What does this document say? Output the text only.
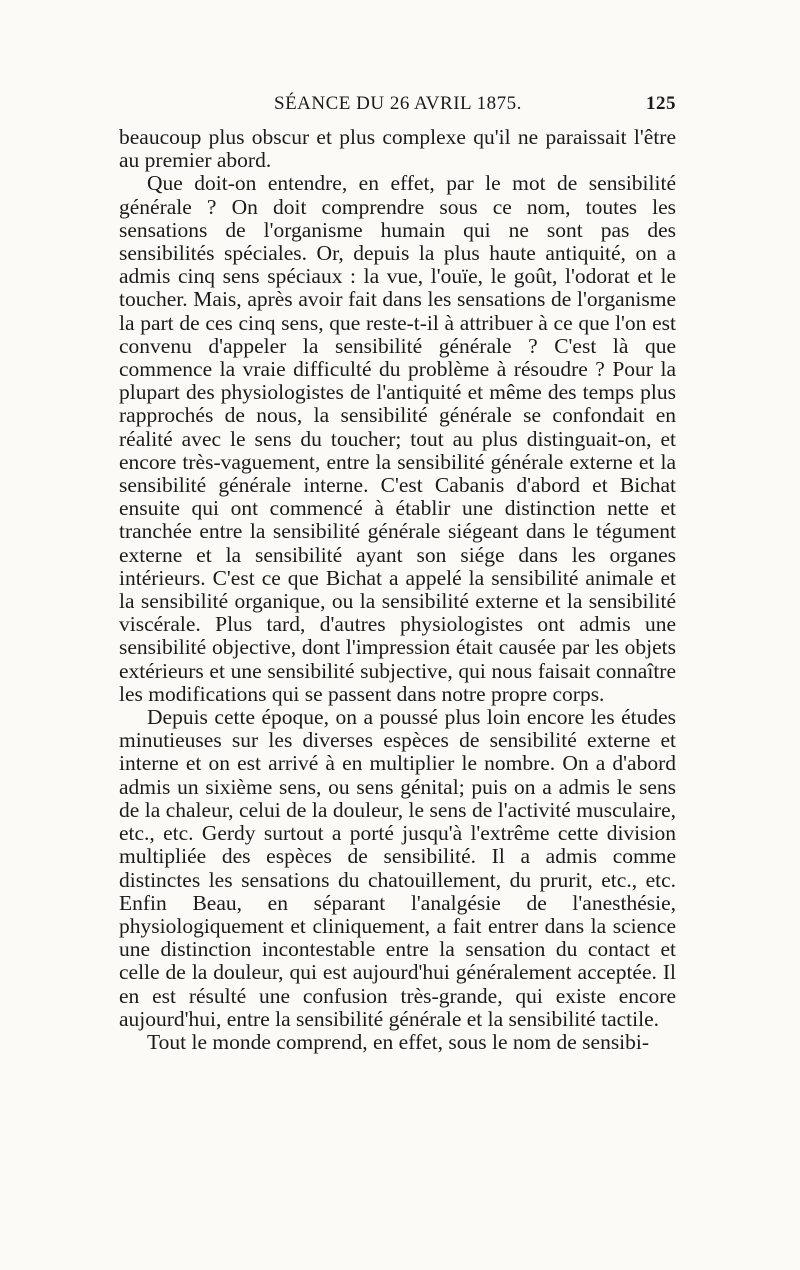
SÉANCE DU 26 AVRIL 1875.	125

beaucoup plus obscur et plus complexe qu'il ne paraissait l'être au premier abord.

Que doit-on entendre, en effet, par le mot de sensibilité générale ? On doit comprendre sous ce nom, toutes les sensations de l'organisme humain qui ne sont pas des sensibilités spéciales. Or, depuis la plus haute antiquité, on a admis cinq sens spéciaux : la vue, l'ouïe, le goût, l'odorat et le toucher. Mais, après avoir fait dans les sensations de l'organisme la part de ces cinq sens, que reste-t-il à attribuer à ce que l'on est convenu d'appeler la sensibilité générale ? C'est là que commence la vraie difficulté du problème à résoudre ? Pour la plupart des physiologistes de l'antiquité et même des temps plus rapprochés de nous, la sensibilité générale se confondait en réalité avec le sens du toucher; tout au plus distinguait-on, et encore très-vaguement, entre la sensibilité générale externe et la sensibilité générale interne. C'est Cabanis d'abord et Bichat ensuite qui ont commencé à établir une distinction nette et tranchée entre la sensibilité générale siégeant dans le tégument externe et la sensibilité ayant son siége dans les organes intérieurs. C'est ce que Bichat a appelé la sensibilité animale et la sensibilité organique, ou la sensibilité externe et la sensibilité viscérale. Plus tard, d'autres physiologistes ont admis une sensibilité objective, dont l'impression était causée par les objets extérieurs et une sensibilité subjective, qui nous faisait connaître les modifications qui se passent dans notre propre corps.

Depuis cette époque, on a poussé plus loin encore les études minutieuses sur les diverses espèces de sensibilité externe et interne et on est arrivé à en multiplier le nombre. On a d'abord admis un sixième sens, ou sens génital; puis on a admis le sens de la chaleur, celui de la douleur, le sens de l'activité musculaire, etc., etc. Gerdy surtout a porté jusqu'à l'extrême cette division multipliée des espèces de sensibilité. Il a admis comme distinctes les sensations du chatouillement, du prurit, etc., etc. Enfin Beau, en séparant l'analgésie de l'anesthésie, physiologiquement et cliniquement, a fait entrer dans la science une distinction incontestable entre la sensation du contact et celle de la douleur, qui est aujourd'hui généralement acceptée. Il en est résulté une confusion très-grande, qui existe encore aujourd'hui, entre la sensibilité générale et la sensibilité tactile.

Tout le monde comprend, en effet, sous le nom de sensibi-
